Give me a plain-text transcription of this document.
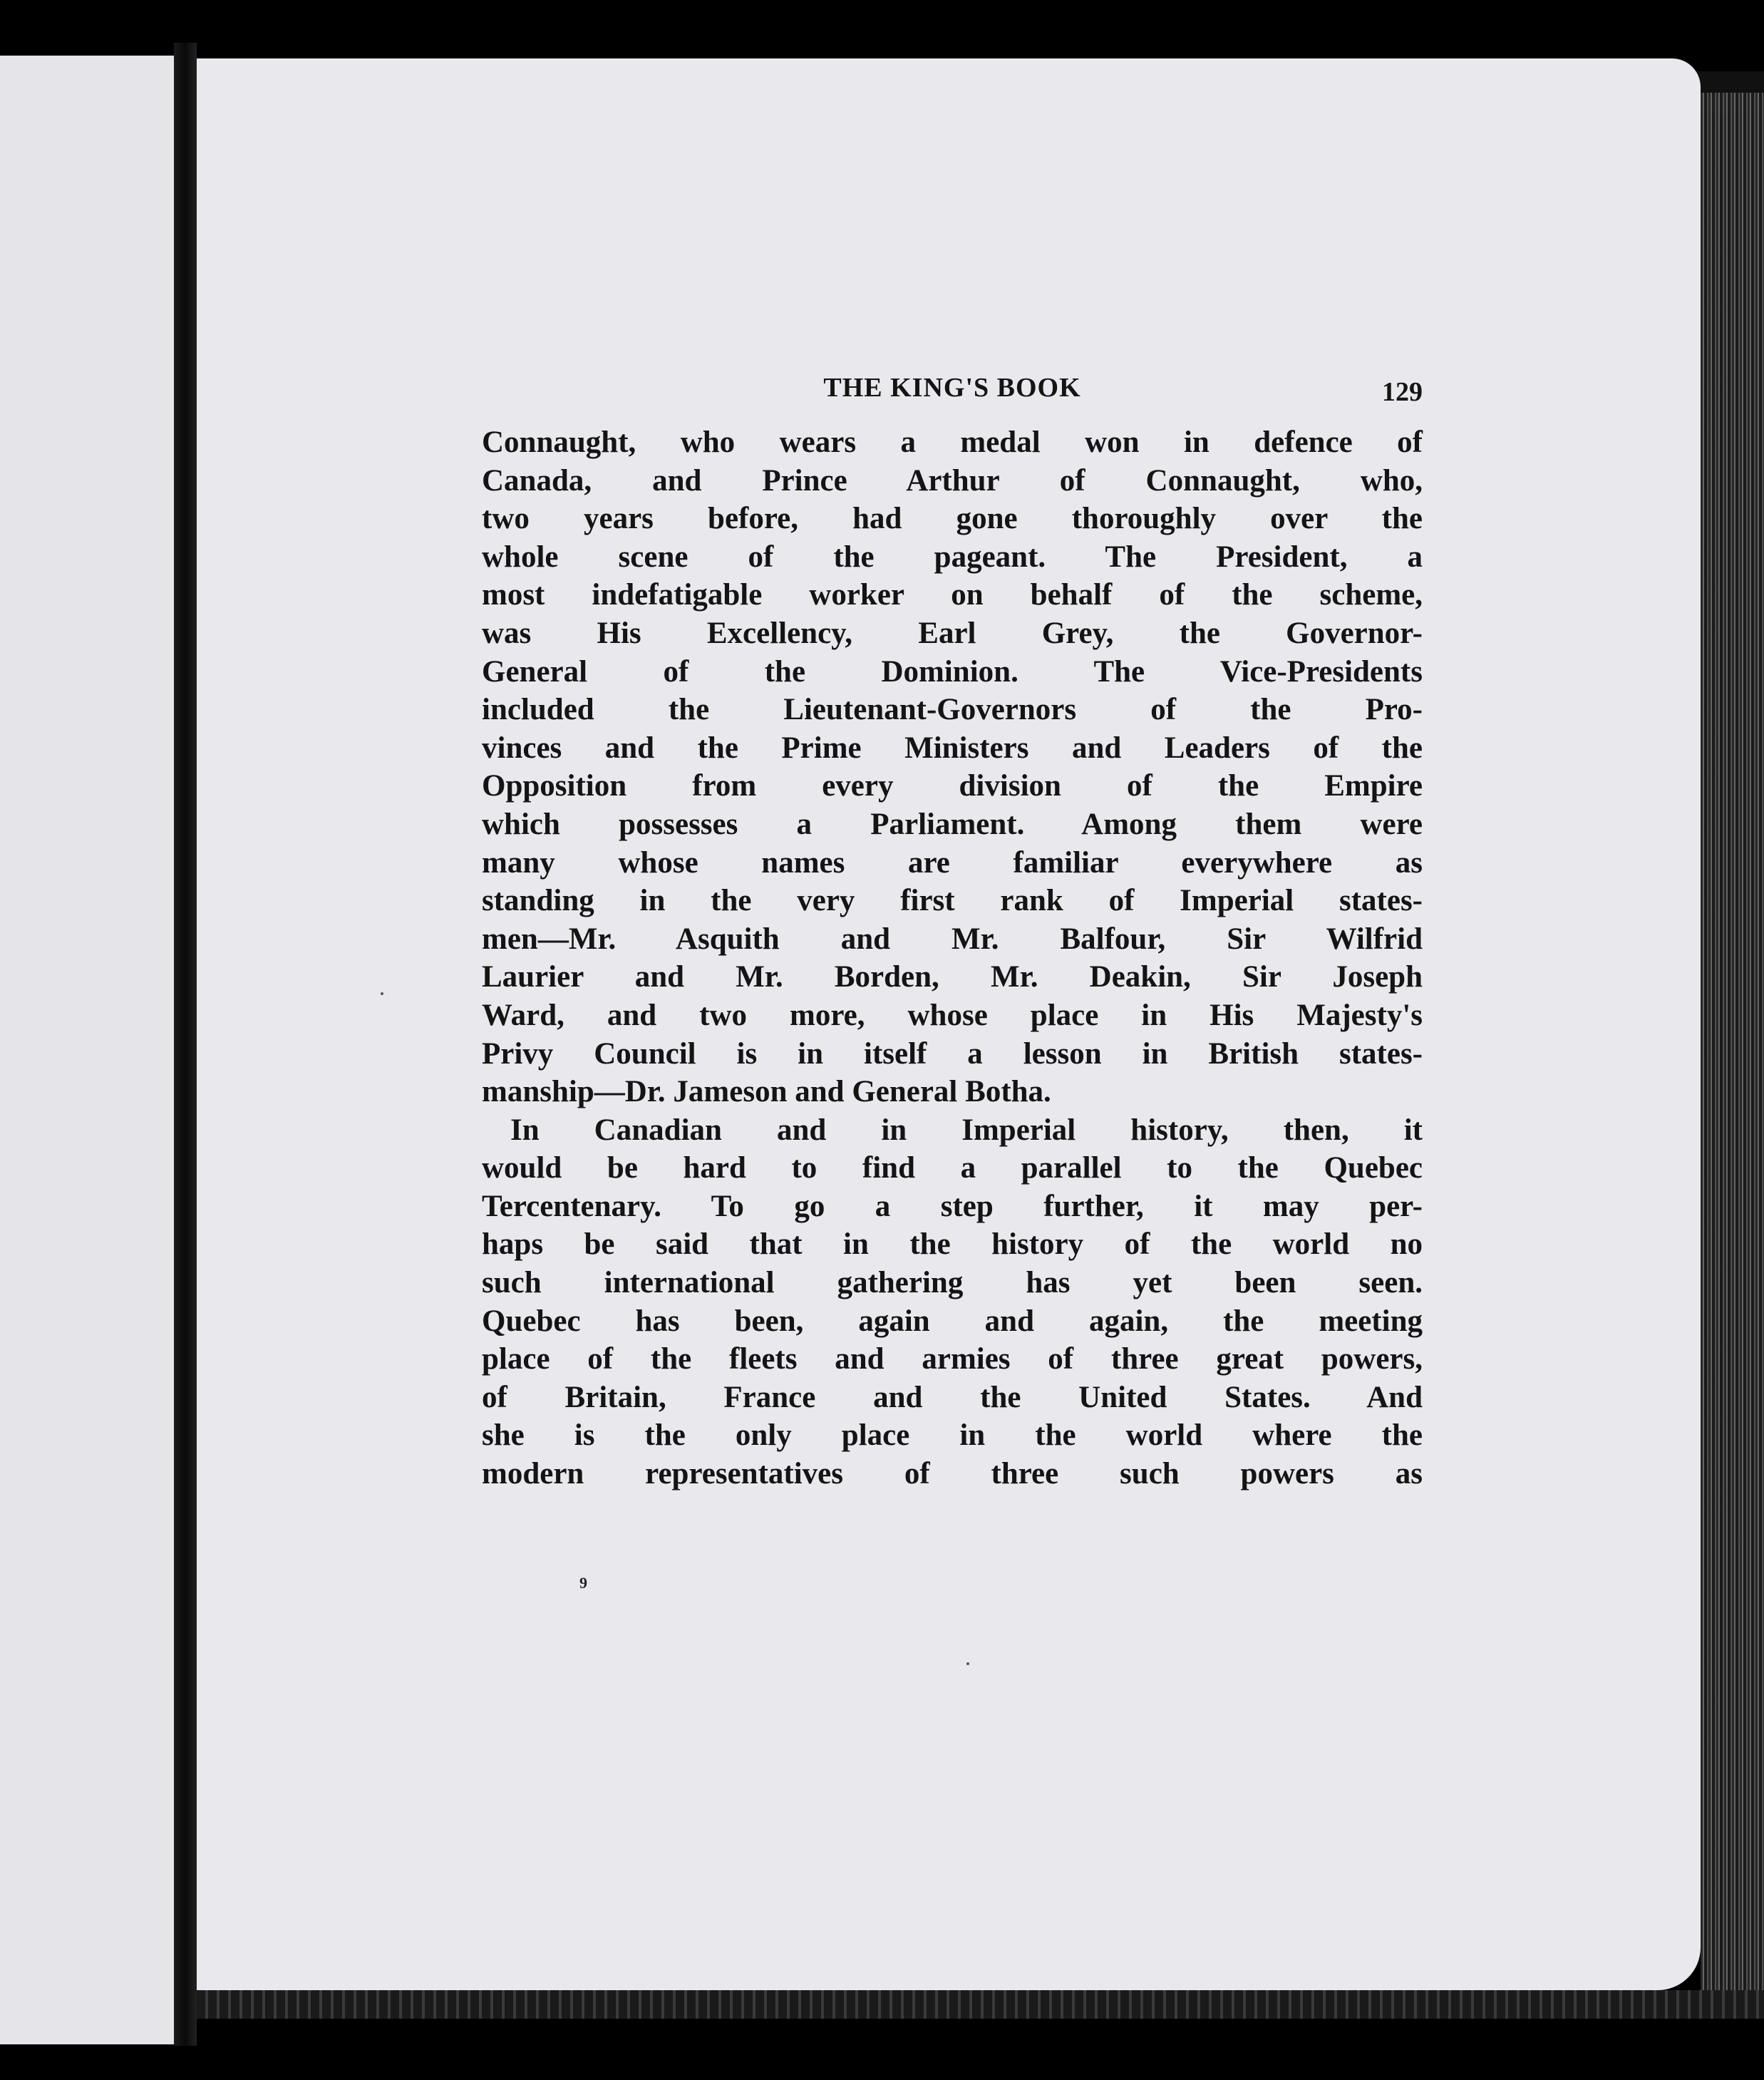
THE KING'S BOOK	129
Connaught, who wears a medal won in defence of
Canada, and Prince Arthur of Connaught, who,
two years before, had gone thoroughly over the
whole scene of the pageant. The President, a
most indefatigable worker on behalf of the scheme,
was His Excellency, Earl Grey, the Governor-
General of the Dominion. The Vice-Presidents
included the Lieutenant-Governors of the Pro-
vinces and the Prime Ministers and Leaders of the
Opposition from every division of the Empire
which possesses a Parliament. Among them were
many whose names are familiar everywhere as
standing in the very first rank of Imperial states-
men—Mr. Asquith and Mr. Balfour, Sir Wilfrid
Laurier and Mr. Borden, Mr. Deakin, Sir Joseph
Ward, and two more, whose place in His Majesty's
Privy Council is in itself a lesson in British states-
manship—Dr. Jameson and General Botha.
In Canadian and in Imperial history, then, it
would be hard to find a parallel to the Quebec
Tercentenary. To go a step further, it may per-
haps be said that in the history of the world no
such international gathering has yet been seen.
Quebec has been, again and again, the meeting
place of the fleets and armies of three great powers,
of Britain, France and the United States. And
she is the only place in the world where the
modern representatives of three such powers as
9
